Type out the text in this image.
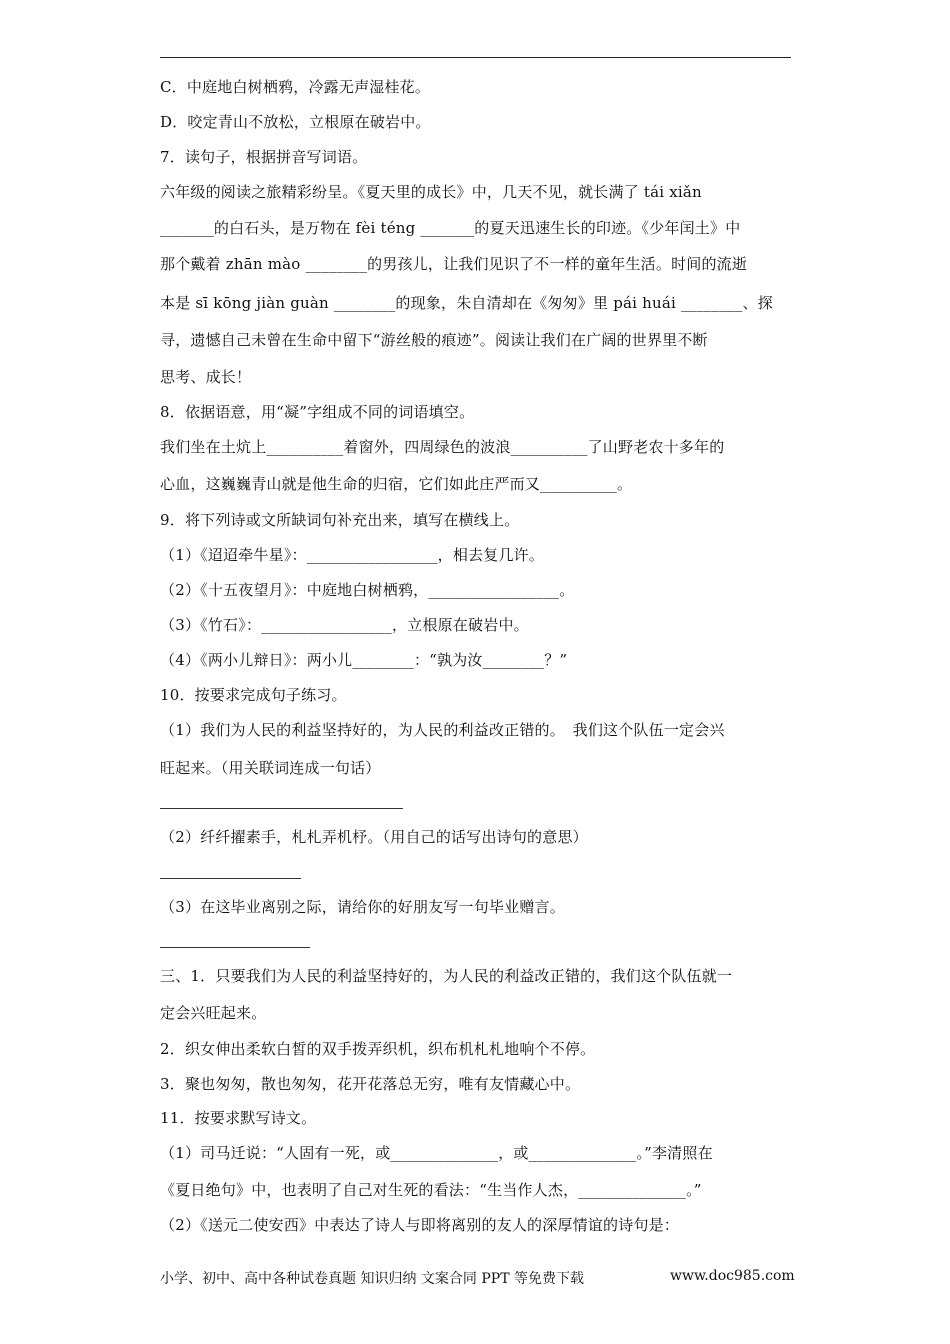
C．中庭地白树栖鸦，冷露无声湿桂花。
D．咬定青山不放松，立根原在破岩中。
7．读句子，根据拼音写词语。
六年级的阅读之旅精彩纷呈。《夏天里的成长》中，几天不见，就长满了 tái xiǎn
_______的白石头，是万物在 fèi téng _______的夏天迅速生长的印迹。《少年闰土》中
那个戴着 zhān mào ________的男孩儿，让我们见识了不一样的童年生活。时间的流逝
本是 sī kōng jiàn guàn ________的现象，朱自清却在《匆匆》里 pái huái ________、探
寻，遗憾自己未曾在生命中留下“游丝般的痕迹”。阅读让我们在广阔的世界里不断
思考、成长！
8．依据语意，用“凝”字组成不同的词语填空。
我们坐在土炕上__________着窗外，四周绿色的波浪__________了山野老农十多年的
心血，这巍巍青山就是他生命的归宿，它们如此庄严而又__________。
9．将下列诗或文所缺词句补充出来，填写在横线上。
（1）《迢迢牵牛星》：_________________，相去复几许。
（2）《十五夜望月》：中庭地白树栖鸦，_________________。
（3）《竹石》：_________________，立根原在破岩中。
（4）《两小儿辩日》：两小儿________：“孰为汝________？”
10．按要求完成句子练习。
（1）我们为人民的利益坚持好的，为人民的利益改正错的。　我们这个队伍一定会兴
旺起来。（用关联词连成一句话）
（2）纤纤擢素手，札札弄机杼。（用自己的话写出诗句的意思）
（3）在这毕业离别之际，请给你的好朋友写一句毕业赠言。
三、1．只要我们为人民的利益坚持好的，为人民的利益改正错的，我们这个队伍就一
定会兴旺起来。
2．织女伸出柔软白皙的双手拨弄织机，织布机札札地响个不停。
3．聚也匆匆，散也匆匆，花开花落总无穷，唯有友情藏心中。
11．按要求默写诗文。
（1）司马迁说：“人固有一死，或______________，或______________。”李清照在
《夏日绝句》中，也表明了自己对生死的看法：“生当作人杰，______________。”
（2）《送元二使安西》中表达了诗人与即将离别的友人的深厚情谊的诗句是：
小学、初中、高中各种试卷真题 知识归纳 文案合同 PPT 等免费下载	www.doc985.com
